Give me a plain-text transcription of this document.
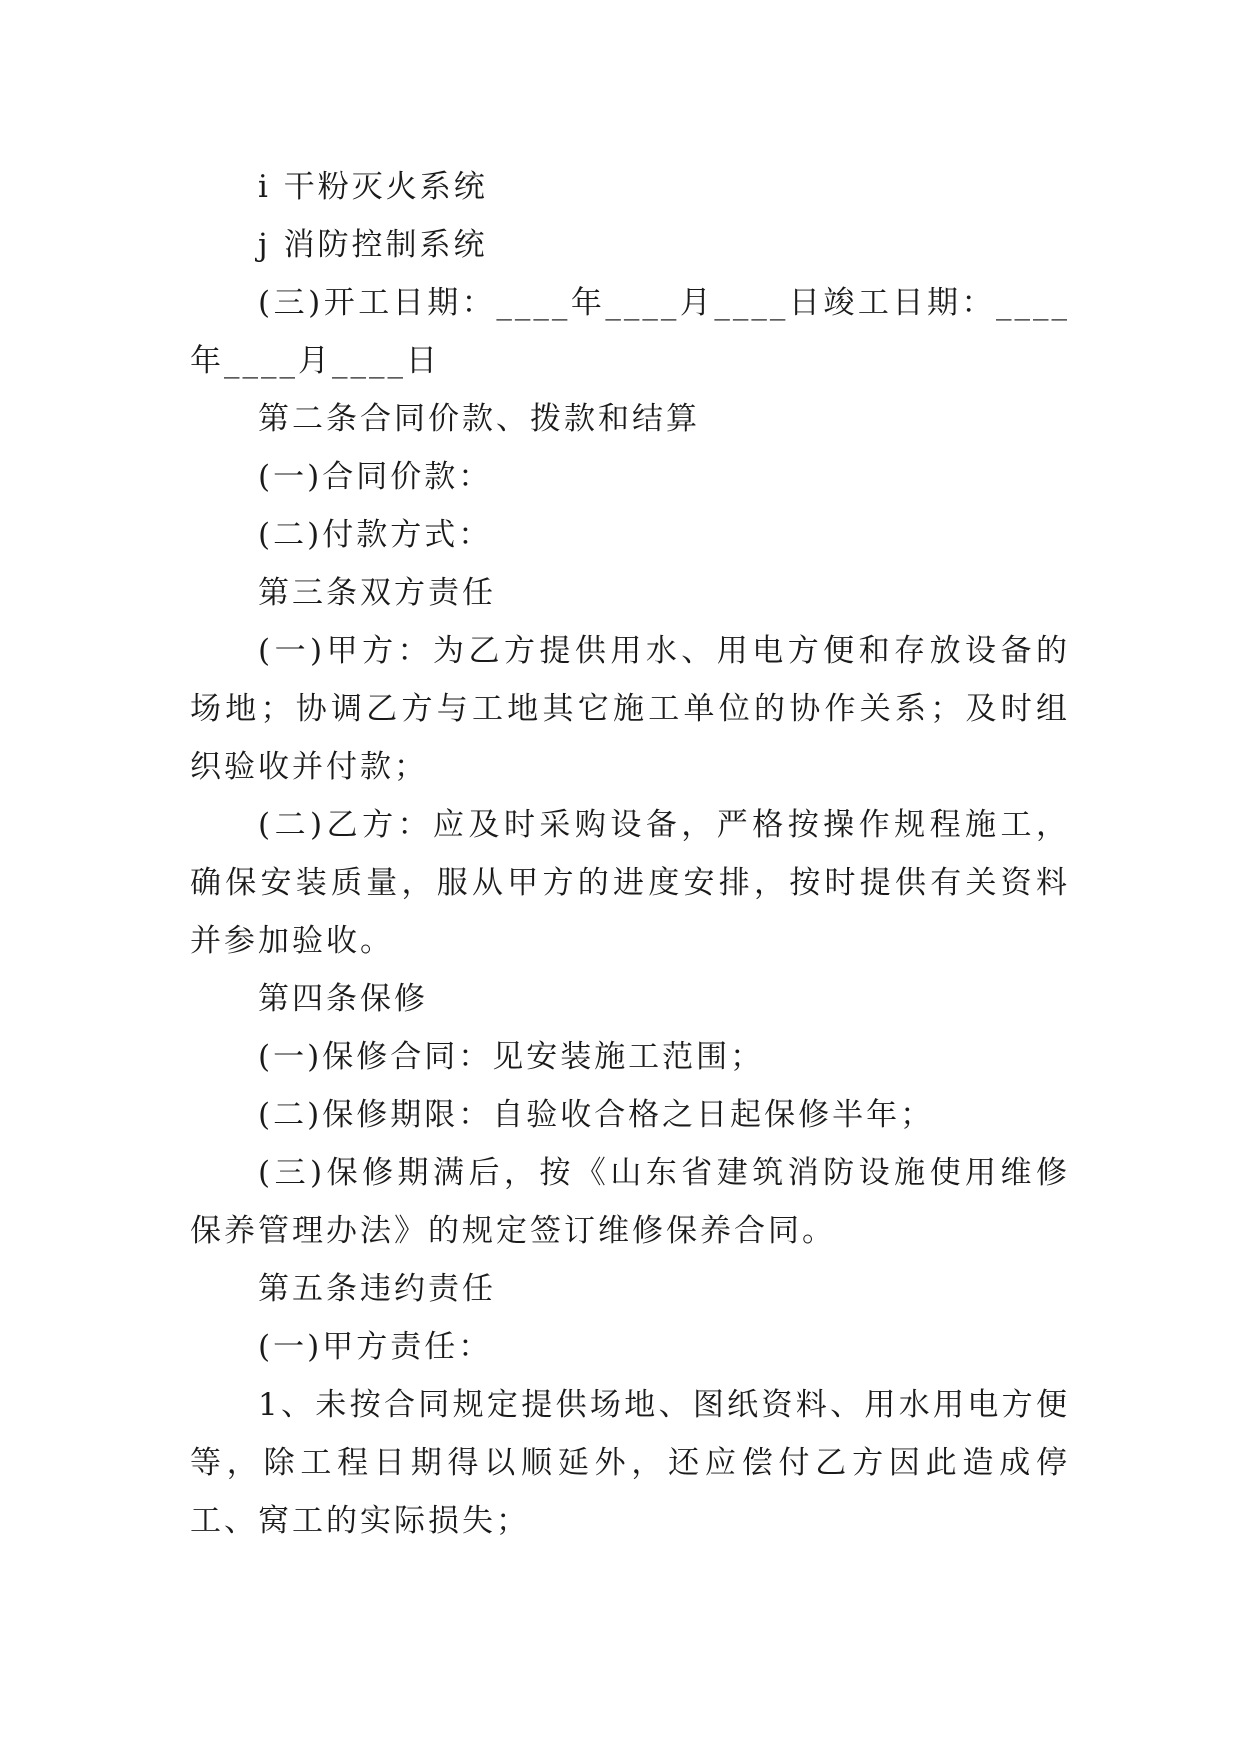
i 干粉灭火系统

j 消防控制系统

(三)开工日期：____年____月____日竣工日期：____年____月____日

第二条合同价款、拨款和结算

(一)合同价款：

(二)付款方式：

第三条双方责任

(一)甲方：为乙方提供用水、用电方便和存放设备的场地；协调乙方与工地其它施工单位的协作关系；及时组织验收并付款；

(二)乙方：应及时采购设备，严格按操作规程施工，确保安装质量，服从甲方的进度安排，按时提供有关资料并参加验收。

第四条保修

(一)保修合同：见安装施工范围；

(二)保修期限：自验收合格之日起保修半年；

(三)保修期满后，按《山东省建筑消防设施使用维修保养管理办法》的规定签订维修保养合同。

第五条违约责任

(一)甲方责任：

1、未按合同规定提供场地、图纸资料、用水用电方便等，除工程日期得以顺延外，还应偿付乙方因此造成停工、窝工的实际损失；
